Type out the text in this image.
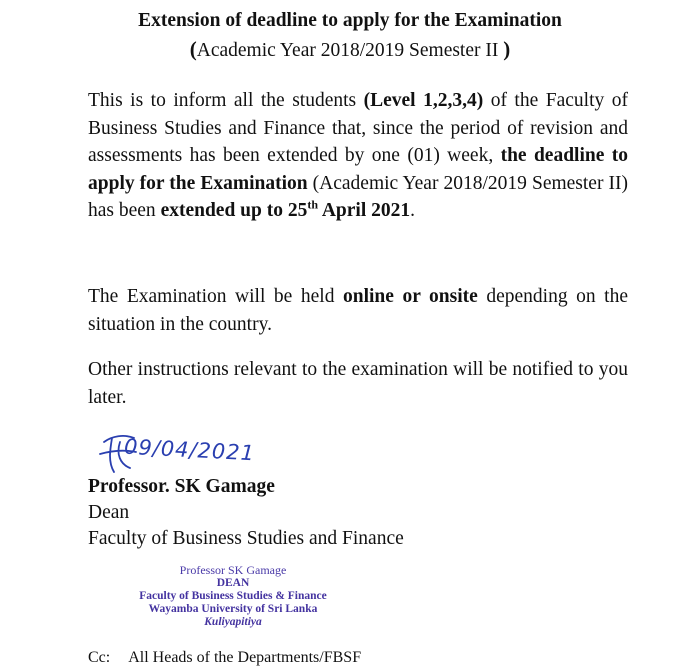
Extension of deadline to apply for the Examination
(Academic Year 2018/2019 Semester II )
This is to inform all the students (Level 1,2,3,4) of the Faculty of Business Studies and Finance that, since the period of revision and assessments has been extended by one (01) week, the deadline to apply for the Examination (Academic Year 2018/2019 Semester II) has been extended up to 25th April 2021.
The Examination will be held online or onsite depending on the situation in the country.
Other instructions relevant to the examination will be notified to you later.
09/04/2021
Professor. SK Gamage
Dean
Faculty of Business Studies and Finance
Professor SK Gamage
DEAN
Faculty of Business Studies & Finance
Wayamba University of Sri Lanka
Kuliyapitiya
Cc: All Heads of the Departments/FBSF
